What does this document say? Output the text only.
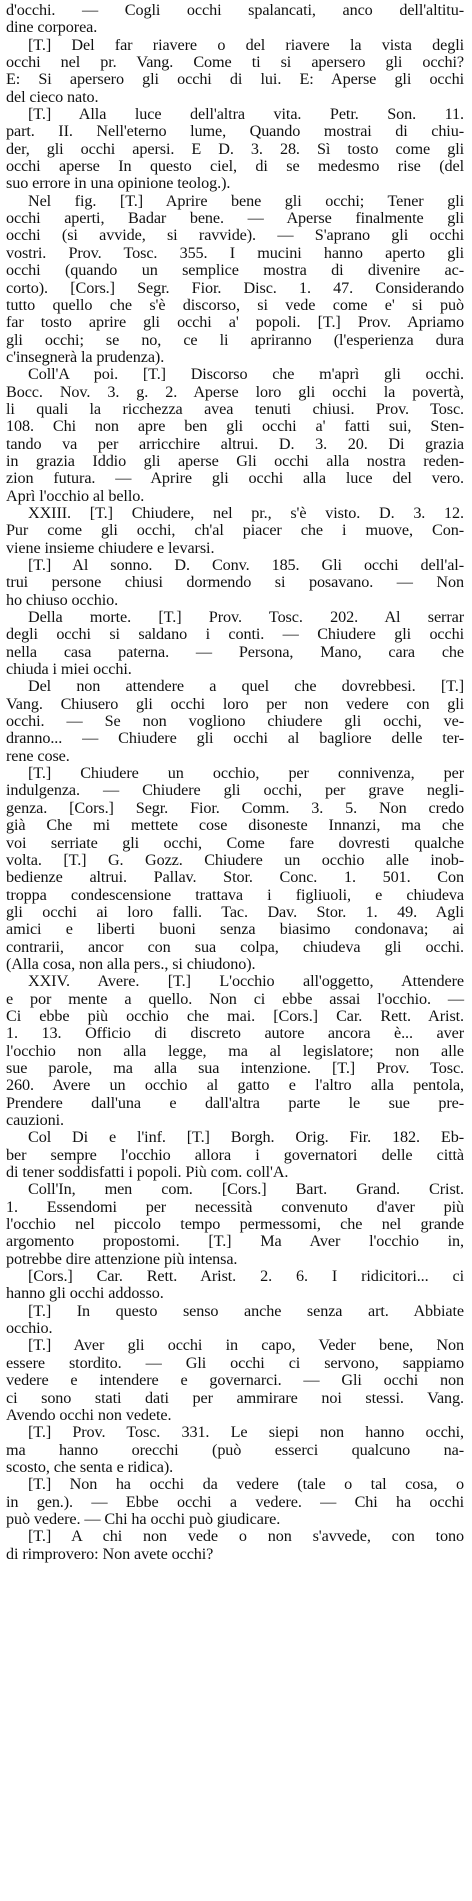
d'occhi. — Cogli occhi spalancati, anco dell'altitu-
dine corporea.
[T.] Del far riavere o del riavere la vista degli
occhi nel pr. Vang. Come ti si apersero gli occhi?
E: Si apersero gli occhi di lui. E: Aperse gli occhi
del cieco nato.
[T.] Alla luce dell'altra vita. Petr. Son. 11.
part. II. Nell'eterno lume, Quando mostrai di chiu-
der, gli occhi apersi. E D. 3. 28. Sì tosto come gli
occhi aperse In questo ciel, di se medesmo rise (del
suo errore in una opinione teolog.).
Nel fig. [T.] Aprire bene gli occhi; Tener gli
occhi aperti, Badar bene. — Aperse finalmente gli
occhi (si avvide, si ravvide). — S'aprano gli occhi
vostri. Prov. Tosc. 355. I mucini hanno aperto gli
occhi (quando un semplice mostra di divenire ac-
corto). [Cors.] Segr. Fior. Disc. 1. 47. Considerando
tutto quello che s'è discorso, si vede come e' si può
far tosto aprire gli occhi a' popoli. [T.] Prov. Apriamo
gli occhi; se no, ce li apriranno (l'esperienza dura
c'insegnerà la prudenza).
Coll'A poi. [T.] Discorso che m'aprì gli occhi.
Bocc. Nov. 3. g. 2. Aperse loro gli occhi la povertà,
li quali la ricchezza avea tenuti chiusi. Prov. Tosc.
108. Chi non apre ben gli occhi a' fatti sui, Sten-
tando va per arricchire altrui. D. 3. 20. Di grazia
in grazia Iddio gli aperse Gli occhi alla nostra reden-
zion futura. — Aprire gli occhi alla luce del vero.
Aprì l'occhio al bello.
XXIII. [T.] Chiudere, nel pr., s'è visto. D. 3. 12.
Pur come gli occhi, ch'al piacer che i muove, Con-
viene insieme chiudere e levarsi.
[T.] Al sonno. D. Conv. 185. Gli occhi dell'al-
trui persone chiusi dormendo si posavano. — Non
ho chiuso occhio.
Della morte. [T.] Prov. Tosc. 202. Al serrar
degli occhi si saldano i conti. — Chiudere gli occhi
nella casa paterna. — Persona, Mano, cara che
chiuda i miei occhi.
Del non attendere a quel che dovrebbesi. [T.]
Vang. Chiusero gli occhi loro per non vedere con gli
occhi. — Se non vogliono chiudere gli occhi, ve-
dranno... — Chiudere gli occhi al bagliore delle ter-
rene cose.
[T.] Chiudere un occhio, per connivenza, per
indulgenza. — Chiudere gli occhi, per grave negli-
genza. [Cors.] Segr. Fior. Comm. 3. 5. Non credo
già Che mi mettete cose disoneste Innanzi, ma che
voi serriate gli occhi, Come fare dovresti qualche
volta. [T.] G. Gozz. Chiudere un occhio alle inob-
bedienze altrui. Pallav. Stor. Conc. 1. 501. Con
troppa condescensione trattava i figliuoli, e chiudeva
gli occhi ai loro falli. Tac. Dav. Stor. 1. 49. Agli
amici e liberti buoni senza biasimo condonava; ai
contrarii, ancor con sua colpa, chiudeva gli occhi.
(Alla cosa, non alla pers., si chiudono).
XXIV. Avere. [T.] L'occhio all'oggetto, Attendere
e por mente a quello. Non ci ebbe assai l'occhio. —
Ci ebbe più occhio che mai. [Cors.] Car. Rett. Arist.
1. 13. Officio di discreto autore ancora è... aver
l'occhio non alla legge, ma al legislatore; non alle
sue parole, ma alla sua intenzione. [T.] Prov. Tosc.
260. Avere un occhio al gatto e l'altro alla pentola,
Prendere dall'una e dall'altra parte le sue pre-
cauzioni.
Col Di e l'inf. [T.] Borgh. Orig. Fir. 182. Eb-
ber sempre l'occhio allora i governatori delle città
di tener soddisfatti i popoli. Più com. coll'A.
Coll'In, men com. [Cors.] Bart. Grand. Crist.
1. Essendomi per necessità convenuto d'aver più
l'occhio nel piccolo tempo permessomi, che nel grande
argomento propostomi. [T.] Ma Aver l'occhio in,
potrebbe dire attenzione più intensa.
[Cors.] Car. Rett. Arist. 2. 6. I ridicitori... ci
hanno gli occhi addosso.
[T.] In questo senso anche senza art. Abbiate
occhio.
[T.] Aver gli occhi in capo, Veder bene, Non
essere stordito. — Gli occhi ci servono, sappiamo
vedere e intendere e governarci. — Gli occhi non
ci sono stati dati per ammirare noi stessi. Vang.
Avendo occhi non vedete.
[T.] Prov. Tosc. 331. Le siepi non hanno occhi,
ma hanno orecchi (può esserci qualcuno na-
scosto, che senta e ridica).
[T.] Non ha occhi da vedere (tale o tal cosa, o
in gen.). — Ebbe occhi a vedere. — Chi ha occhi
può vedere. — Chi ha occhi può giudicare.
[T.] A chi non vede o non s'avvede, con tono
di rimprovero: Non avete occhi?
